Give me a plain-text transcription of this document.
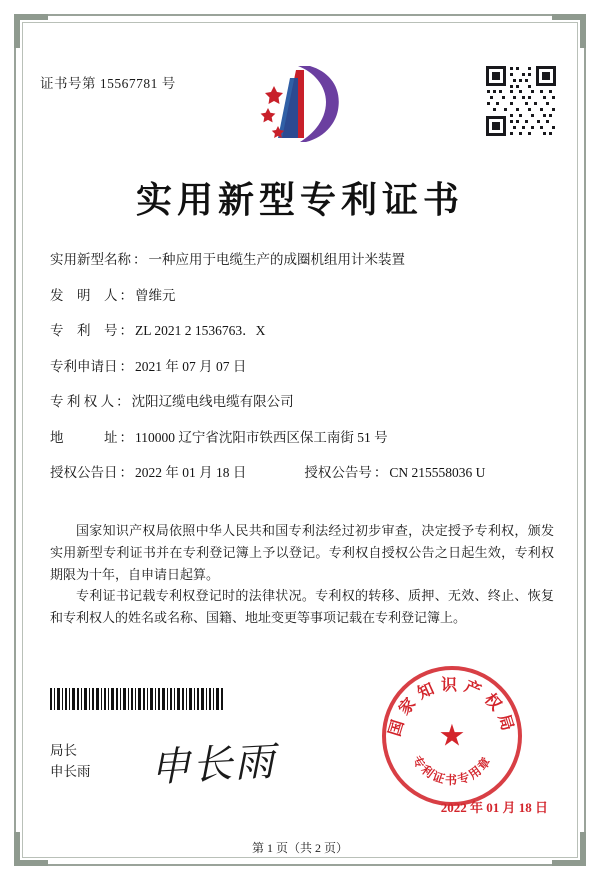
证书号第 15567781 号
实用新型专利证书
实用新型名称 ： 一种应用于电缆生产的成圈机组用计米装置
发　明　人 ： 曾维元
专　利　号 ： ZL 2021 2 1536763．X
专利申请日 ： 2021 年 07 月 07 日
专 利 权 人 ： 沈阳辽缆电线电缆有限公司
地　　　址 ： 110000 辽宁省沈阳市铁西区保工南街 51 号
授权公告日 ： 2022 年 01 月 18 日	授权公告号 ： CN 215558036 U
国家知识产权局依照中华人民共和国专利法经过初步审查，决定授予专利权，颁发实用新型专利证书并在专利登记簿上予以登记。专利权自授权公告之日起生效，专利权期限为十年，自申请日起算。
专利证书记载专利权登记时的法律状况。专利权的转移、质押、无效、终止、恢复和专利权人的姓名或名称、国籍、地址变更等事项记载在专利登记簿上。
局长
申长雨 申长雨
★
国家知识产权局
专利证书专用章
2022 年 01 月 18 日
第 1 页（共 2 页）
